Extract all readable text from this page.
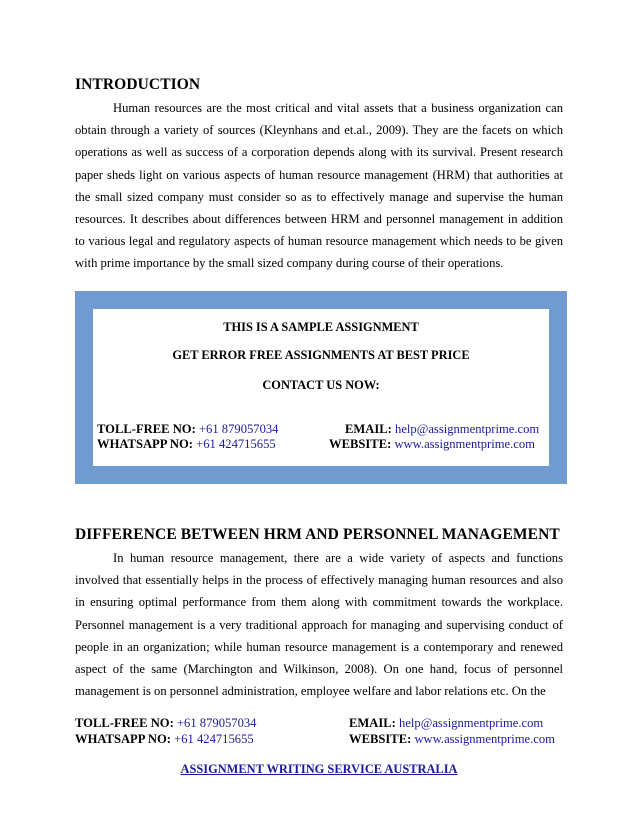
INTRODUCTION

Human resources are the most critical and vital assets that a business organization can obtain through a variety of sources (Kleynhans and et.al., 2009). They are the facets on which operations as well as success of a corporation depends along with its survival. Present research paper sheds light on various aspects of human resource management (HRM) that authorities at the small sized company must consider so as to effectively manage and supervise the human resources. It describes about differences between HRM and personnel management in addition to various legal and regulatory aspects of human resource management which needs to be given with prime importance by the small sized company during course of their operations.

THIS IS A SAMPLE ASSIGNMENT
GET ERROR FREE ASSIGNMENTS AT BEST PRICE
CONTACT US NOW:
TOLL-FREE NO: +61 879057034
WHATSAPP NO: +61 424715655
EMAIL: help@assignmentprime.com
WEBSITE: www.assignmentprime.com
DIFFERENCE BETWEEN HRM AND PERSONNEL MANAGEMENT

In human resource management, there are a wide variety of aspects and functions involved that essentially helps in the process of effectively managing human resources and also in ensuring optimal performance from them along with commitment towards the workplace. Personnel management is a very traditional approach for managing and supervising conduct of people in an organization; while human resource management is a contemporary and renewed aspect of the same (Marchington and Wilkinson, 2008). On one hand, focus of personnel management is on personnel administration, employee welfare and labor relations etc. On the

TOLL-FREE NO: +61 879057034
WHATSAPP NO: +61 424715655
EMAIL: help@assignmentprime.com
WEBSITE: www.assignmentprime.com
ASSIGNMENT WRITING SERVICE AUSTRALIA
